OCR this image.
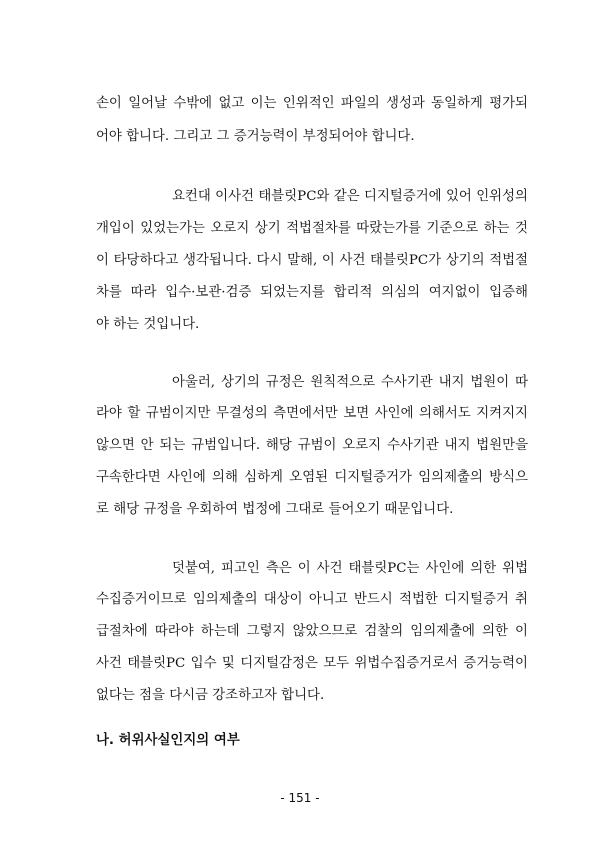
손이 일어날 수밖에 없고 이는 인위적인 파일의 생성과 동일하게 평가되
어야 합니다. 그리고 그 증거능력이 부정되어야 합니다.
요컨대 이사건 태블릿PC와 같은 디지털증거에 있어 인위성의
개입이 있었는가는 오로지 상기 적법절차를 따랐는가를 기준으로 하는 것
이 타당하다고 생각됩니다. 다시 말해, 이 사건 태블릿PC가 상기의 적법절
차를 따라 입수·보관·검증 되었는지를 합리적 의심의 여지없이 입증해
야 하는 것입니다.
아울러, 상기의 규정은 원칙적으로 수사기관 내지 법원이 따
라야 할 규범이지만 무결성의 측면에서만 보면 사인에 의해서도 지켜지지
않으면 안 되는 규범입니다. 해당 규범이 오로지 수사기관 내지 법원만을
구속한다면 사인에 의해 심하게 오염된 디지털증거가 임의제출의 방식으
로 해당 규정을 우회하여 법정에 그대로 들어오기 때문입니다.
덧붙여, 피고인 측은 이 사건 태블릿PC는 사인에 의한 위법
수집증거이므로 임의제출의 대상이 아니고 반드시 적법한 디지털증거 취
급절차에 따라야 하는데 그렇지 않았으므로 검찰의 임의제출에 의한 이
사건 태블릿PC 입수 및 디지털감정은 모두 위법수집증거로서 증거능력이
없다는 점을 다시금 강조하고자 합니다.
나. 허위사실인지의 여부
- 151 -
